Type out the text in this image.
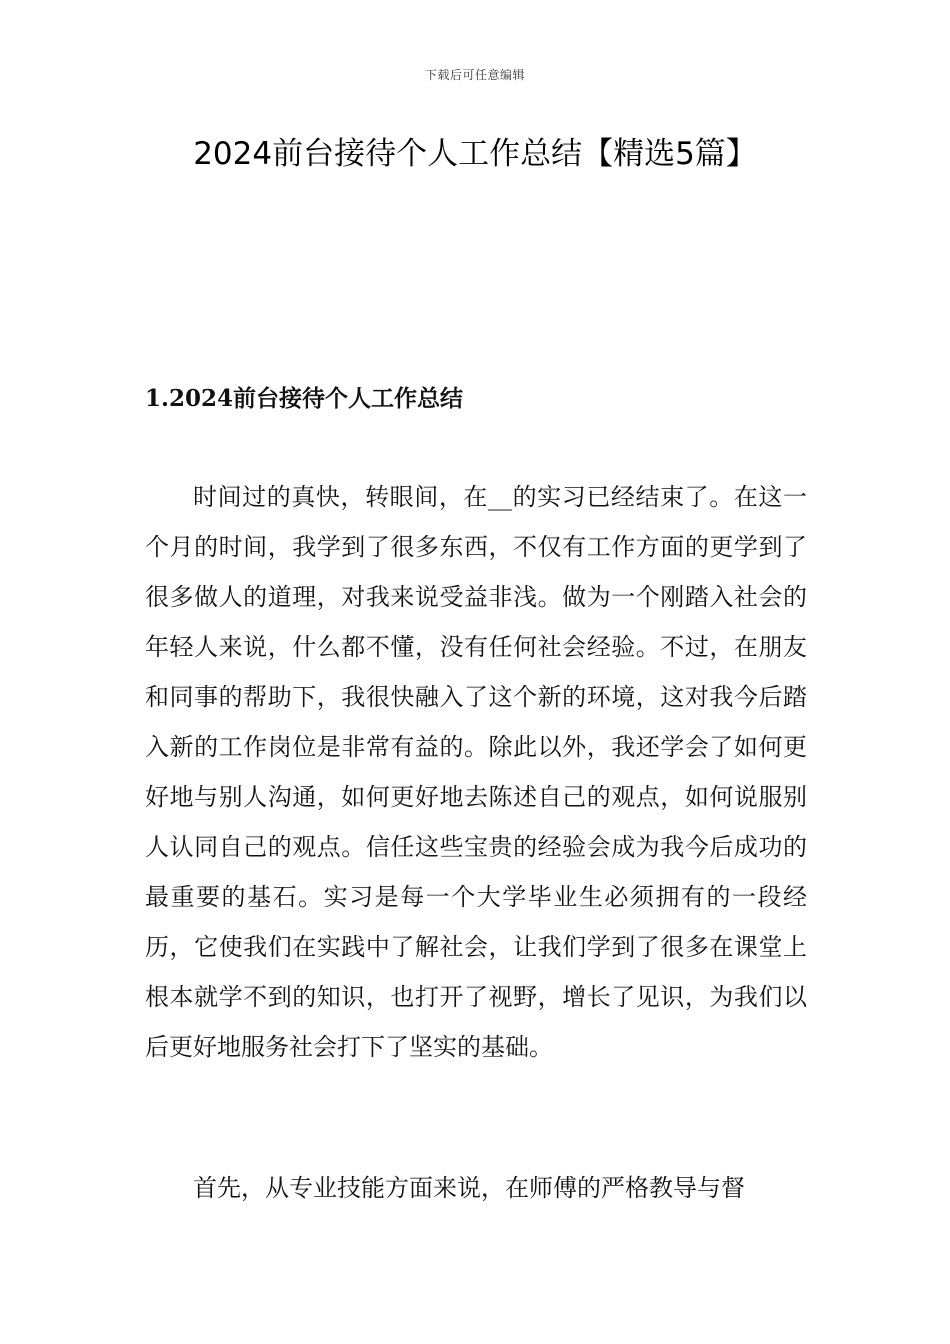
下载后可任意编辑
2024前台接待个人工作总结【精选5篇】
1.2024前台接待个人工作总结

时间过的真快，转眼间，在__的实习已经结束了。在这一个月的时间，我学到了很多东西，不仅有工作方面的更学到了很多做人的道理，对我来说受益非浅。做为一个刚踏入社会的年轻人来说，什么都不懂，没有任何社会经验。不过，在朋友和同事的帮助下，我很快融入了这个新的环境，这对我今后踏入新的工作岗位是非常有益的。除此以外，我还学会了如何更好地与别人沟通，如何更好地去陈述自己的观点，如何说服别人认同自己的观点。信任这些宝贵的经验会成为我今后成功的最重要的基石。实习是每一个大学毕业生必须拥有的一段经历，它使我们在实践中了解社会，让我们学到了很多在课堂上根本就学不到的知识，也打开了视野，增长了见识，为我们以后更好地服务社会打下了坚实的基础。

首先，从专业技能方面来说，在师傅的严格教导与督
